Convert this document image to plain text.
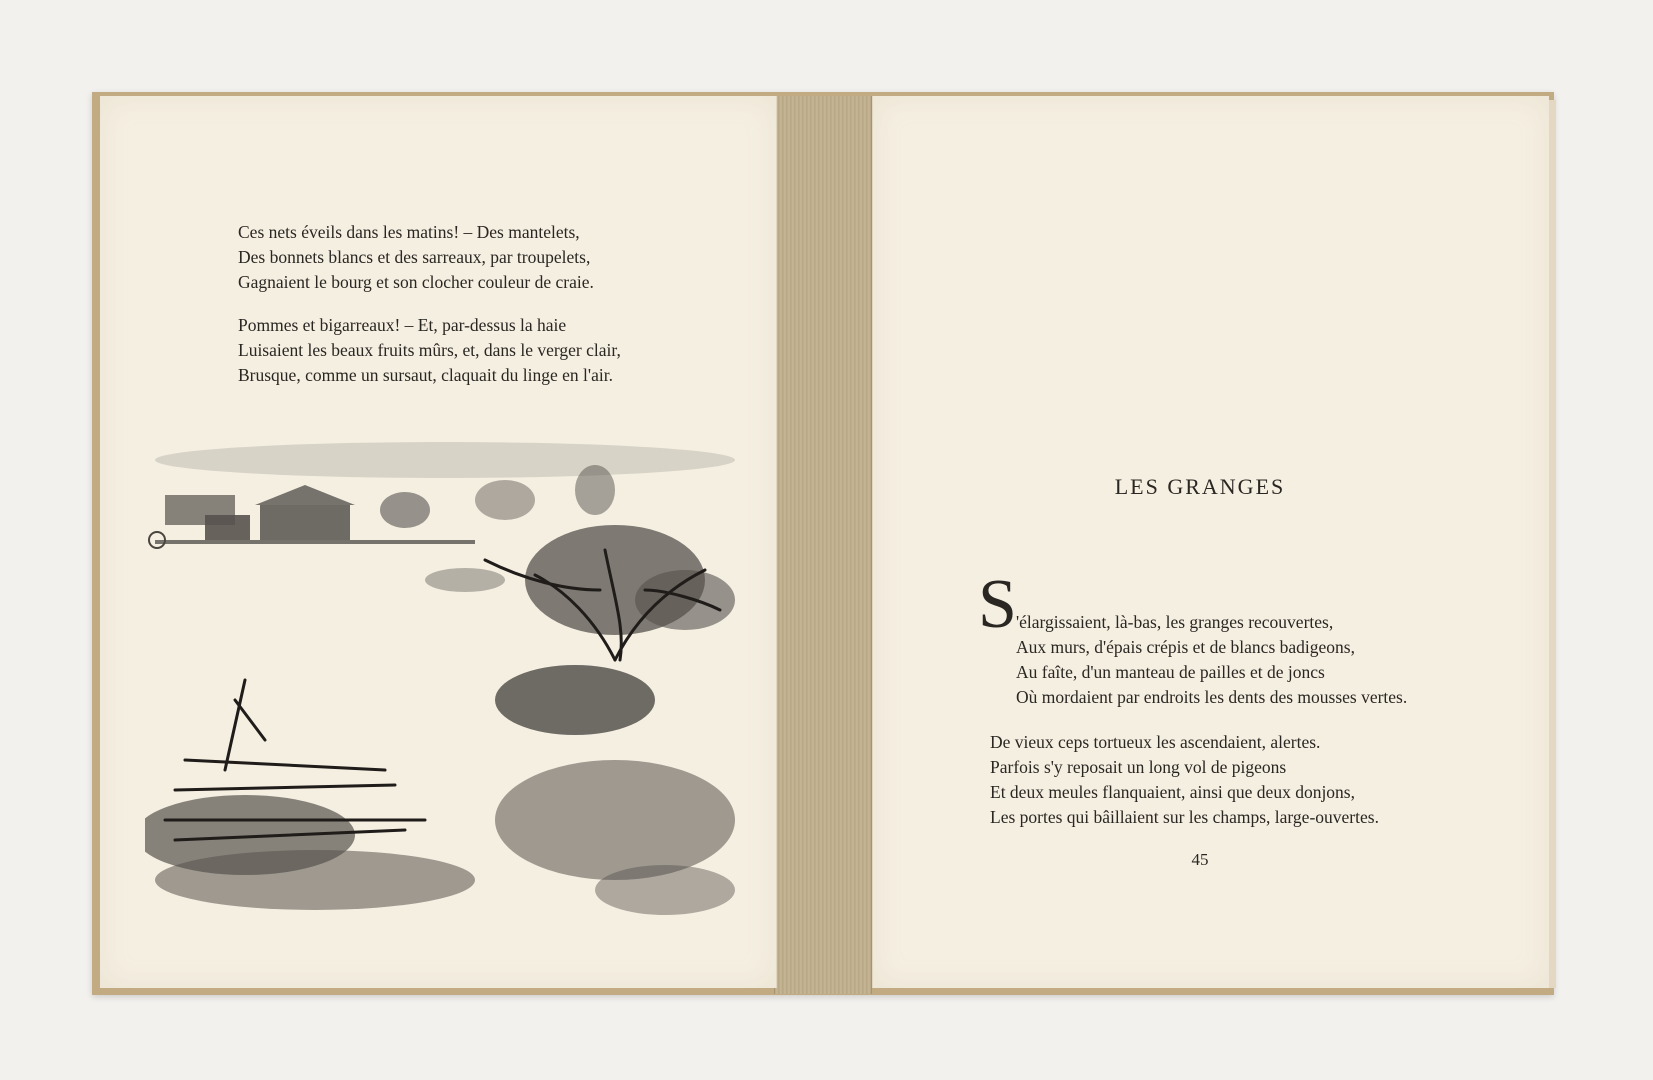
Ces nets éveils dans les matins! – Des mantelets,
Des bonnets blancs et des sarreaux, par troupelets,
Gagnaient le bourg et son clocher couleur de craie.
Pommes et bigarreaux! – Et, par-dessus la haie
Luisaient les beaux fruits mûrs, et, dans le verger clair,
Brusque, comme un sursaut, claquait du linge en l'air.
LES GRANGES
S 'élargissaient, là-bas, les granges recouvertes,
Aux murs, d'épais crépis et de blancs badigeons,
Au faîte, d'un manteau de pailles et de joncs
Où mordaient par endroits les dents des mousses vertes.
De vieux ceps tortueux les ascendaient, alertes.
Parfois s'y reposait un long vol de pigeons
Et deux meules flanquaient, ainsi que deux donjons,
Les portes qui bâillaient sur les champs, large-ouvertes.
45
